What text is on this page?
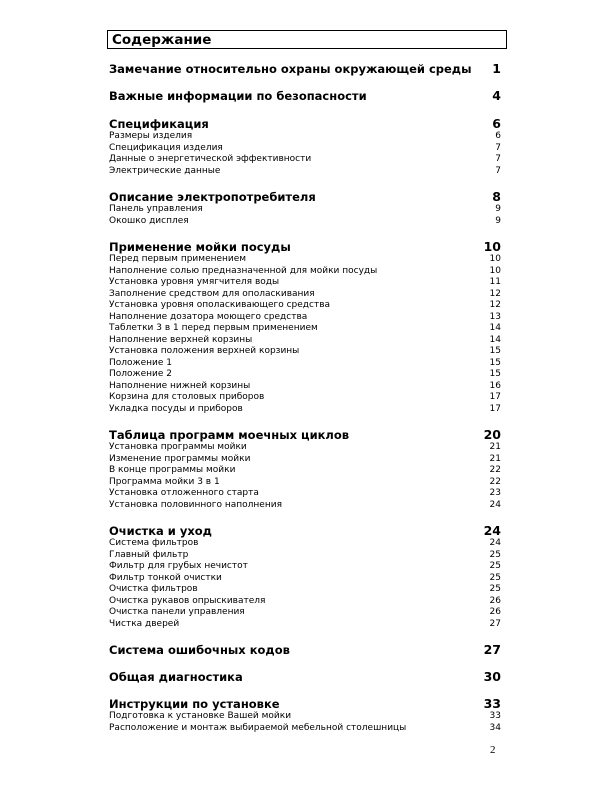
Содержание
Замечание относительно охраны окружающей среды 1
Важные информации по безопасности	4
Спецификация	6
Размеры изделия	6
Спецификация изделия	7
Данные о энергетической эффективности	7
Электрические данные	7
Описание электропотребителя	8
Панель управления	9
Окошко дисплея	9
Применение мойки посуды	10
Перед первым применением	10
Наполнение солью предназначенной для мойки посуды	10
Установка уровня умягчителя воды	11
Заполнение средством для ополаскивания	12
Установка уровня ополаскивающего средства	12
Наполнение дозатора моющего средства	13
Таблетки 3 в 1 перед первым применением	14
Наполнение верхней корзины	14
Установка положения верхней корзины	15
Положение 1	15
Положение 2	15
Наполнение нижней корзины	16
Корзина для столовых приборов	17
Укладка посуды и приборов	17
Таблица программ моечных циклов	20
Установка программы мойки	21
Изменение программы мойки	21
В конце программы мойки	22
Программа мойки 3 в 1	22
Установка отложенного старта	23
Установка половинного наполнения	24
Очистка и уход	24
Система фильтров	24
Главный фильтр	25
Фильтр для грубых нечистот	25
Фильтр тонкой очистки	25
Очистка фильтров	25
Очистка рукавов опрыскивателя	26
Очистка панели управления	26
Чистка дверей	27
Система ошибочных кодов	27
Общая диагностика	30
Инструкции по установке	33
Подготовка к установке Вашей мойки	33
Расположение и монтаж выбираемой мебельной столешницы	34
2
